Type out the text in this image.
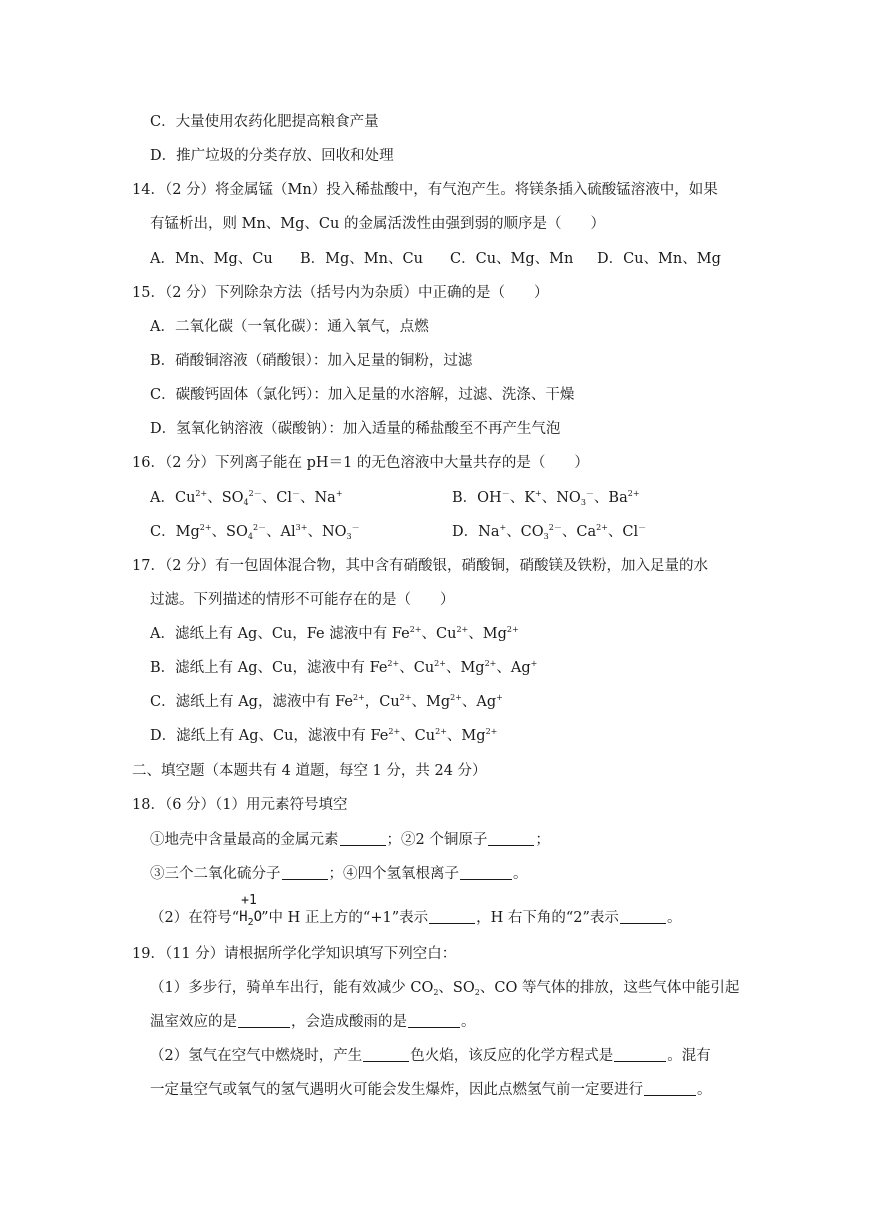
C．大量使用农药化肥提高粮食产量
D．推广垃圾的分类存放、回收和处理
14．（2 分）将金属锰（Mn）投入稀盐酸中，有气泡产生。将镁条插入硫酸锰溶液中，如果
有锰析出，则 Mn、Mg、Cu 的金属活泼性由强到弱的顺序是（　　）
A．Mn、Mg、Cu B．Mg、Mn、Cu C．Cu、Mg、Mn D．Cu、Mn、Mg
15．（2 分）下列除杂方法（括号内为杂质）中正确的是（　　）
A．二氧化碳（一氧化碳）：通入氧气，点燃
B．硝酸铜溶液（硝酸银）：加入足量的铜粉，过滤
C．碳酸钙固体（氯化钙）：加入足量的水溶解，过滤、洗涤、干燥
D．氢氧化钠溶液（碳酸钠）：加入适量的稀盐酸至不再产生气泡
16．（2 分）下列离子能在 pH＝1 的无色溶液中大量共存的是（　　）
A．$Cu^{2+}$、$SO_4^{2-}$、Cl－、Na+	B．OH－、K+、$NO_3^-$、$Ba^{2+}$
C．$Mg^{2+}$、$SO_4^{2-}$、$Al^{3+}$、$NO_3^-$	D．Na+、$CO_3^{2-}$、$Ca^{2+}$、Cl－
17．（2 分）有一包固体混合物，其中含有硝酸银，硝酸铜，硝酸镁及铁粉，加入足量的水
过滤。下列描述的情形不可能存在的是（　　）
A．滤纸上有 Ag、Cu，Fe 滤液中有 $Fe^{2+}$、$Cu^{2+}$、$Mg^{2+}$
B．滤纸上有 Ag、Cu，滤液中有 $Fe^{2+}$、$Cu^{2+}$、$Mg^{2+}$、Ag+
C．滤纸上有 Ag，滤液中有 $Fe^{2+}$，$Cu^{2+}$、$Mg^{2+}$、Ag+
D．滤纸上有 Ag、Cu，滤液中有 $Fe^{2+}$、$Cu^{2+}$、$Mg^{2+}$
二、填空题（本题共有 4 道题，每空 1 分，共 24 分）
18．（6 分）（1）用元素符号填空
①地壳中含量最高的金属元素	；②2 个铜原子	；
③三个二氧化硫分子	；④四个氢氧根离子	。
（2）在符号“
+1
$H_2O$ ”中 H 正上方的“+1”表示	，H 右下角的“2”表示	。
19．（11 分）请根据所学化学知识填写下列空白：
（1）多步行，骑单车出行，能有效减少 $CO_2$、$SO_2$、CO 等气体的排放，这些气体中能引起
温室效应的是	，会造成酸雨的是	。
（2）氢气在空气中燃烧时，产生	色火焰，该反应的化学方程式是	。混有
一定量空气或氧气的氢气遇明火可能会发生爆炸，因此点燃氢气前一定要进行	。
